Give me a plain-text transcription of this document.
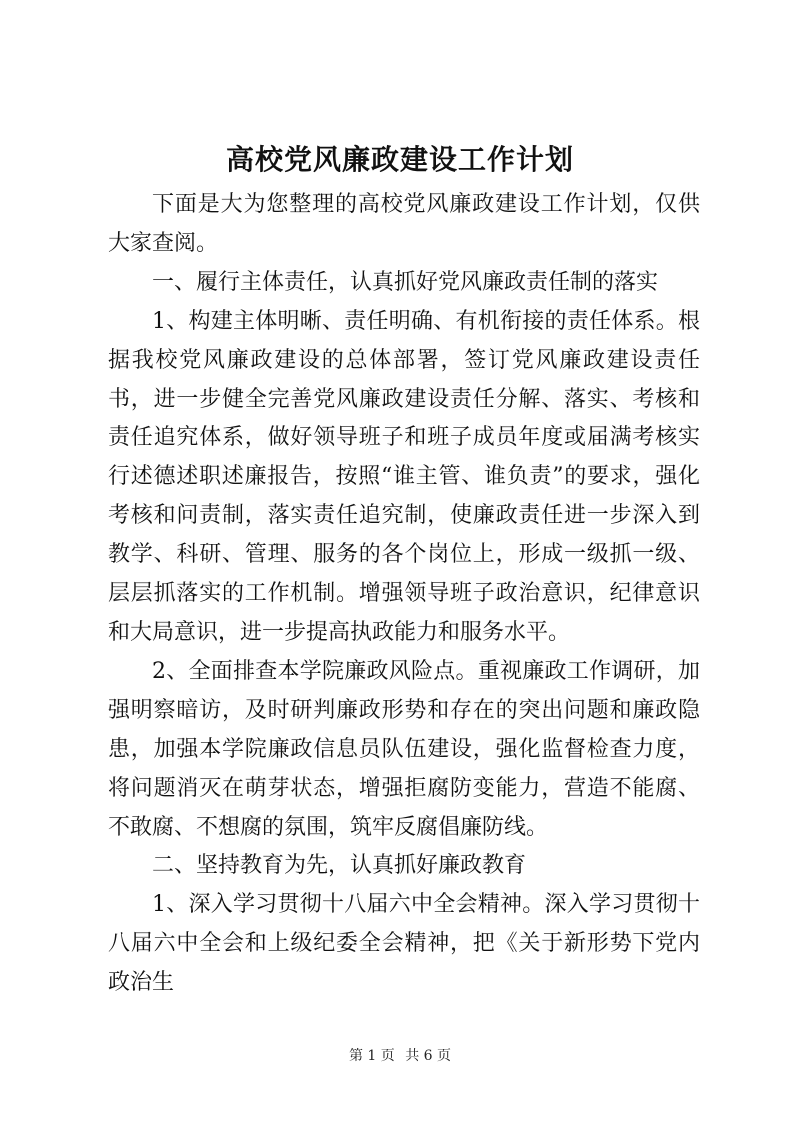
高校党风廉政建设工作计划

下面是大为您整理的高校党风廉政建设工作计划，仅供大家查阅。

一、履行主体责任，认真抓好党风廉政责任制的落实

1、构建主体明晰、责任明确、有机衔接的责任体系。根据我校党风廉政建设的总体部署，签订党风廉政建设责任书，进一步健全完善党风廉政建设责任分解、落实、考核和责任追究体系，做好领导班子和班子成员年度或届满考核实行述德述职述廉报告，按照“谁主管、谁负责”的要求，强化考核和问责制，落实责任追究制，使廉政责任进一步深入到教学、科研、管理、服务的各个岗位上，形成一级抓一级、层层抓落实的工作机制。增强领导班子政治意识，纪律意识和大局意识，进一步提高执政能力和服务水平。

2、全面排查本学院廉政风险点。重视廉政工作调研，加强明察暗访，及时研判廉政形势和存在的突出问题和廉政隐患，加强本学院廉政信息员队伍建设，强化监督检查力度，将问题消灭在萌芽状态，增强拒腐防变能力，营造不能腐、不敢腐、不想腐的氛围，筑牢反腐倡廉防线。

二、坚持教育为先，认真抓好廉政教育

1、深入学习贯彻十八届六中全会精神。深入学习贯彻十八届六中全会和上级纪委全会精神，把《关于新形势下党内政治生

第 1 页 共 6 页
